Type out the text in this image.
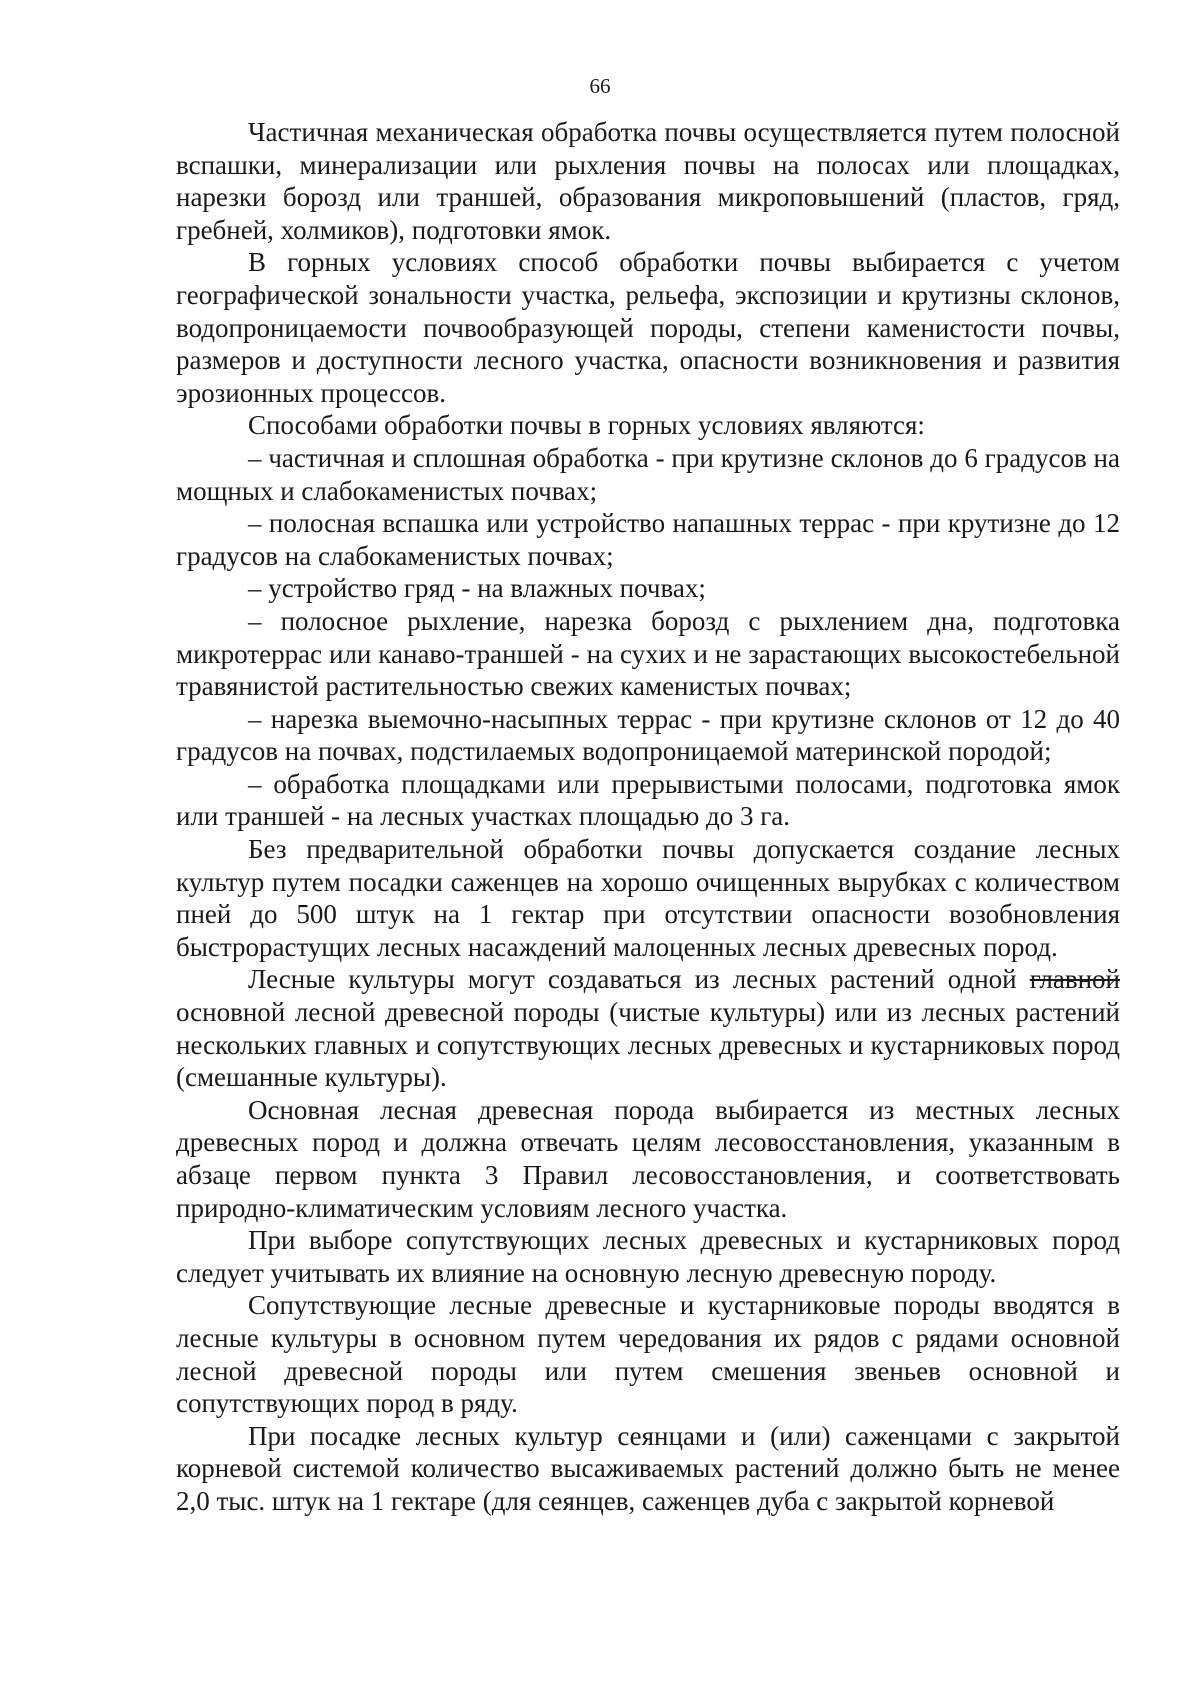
66

Частичная механическая обработка почвы осуществляется путем полосной вспашки, минерализации или рыхления почвы на полосах или площадках, нарезки борозд или траншей, образования микроповышений (пластов, гряд, гребней, холмиков), подготовки ямок.

В горных условиях способ обработки почвы выбирается с учетом географической зональности участка, рельефа, экспозиции и крутизны склонов, водопроницаемости почвообразующей породы, степени каменистости почвы, размеров и доступности лесного участка, опасности возникновения и развития эрозионных процессов.

Способами обработки почвы в горных условиях являются:

– частичная и сплошная обработка - при крутизне склонов до 6 градусов на мощных и слабокаменистых почвах;

– полосная вспашка или устройство напашных террас - при крутизне до 12 градусов на слабокаменистых почвах;

– устройство гряд - на влажных почвах;

– полосное рыхление, нарезка борозд с рыхлением дна, подготовка микротеррас или канаво-траншей - на сухих и не зарастающих высокостебельной травянистой растительностью свежих каменистых почвах;

– нарезка выемочно-насыпных террас - при крутизне склонов от 12 до 40 градусов на почвах, подстилаемых водопроницаемой материнской породой;

– обработка площадками или прерывистыми полосами, подготовка ямок или траншей - на лесных участках площадью до 3 га.

Без предварительной обработки почвы допускается создание лесных культур путем посадки саженцев на хорошо очищенных вырубках с количеством пней до 500 штук на 1 гектар при отсутствии опасности возобновления быстрорастущих лесных насаждений малоценных лесных древесных пород.

Лесные культуры могут создаваться из лесных растений одной главной основной лесной древесной породы (чистые культуры) или из лесных растений нескольких главных и сопутствующих лесных древесных и кустарниковых пород (смешанные культуры).

Основная лесная древесная порода выбирается из местных лесных древесных пород и должна отвечать целям лесовосстановления, указанным в абзаце первом пункта 3 Правил лесовосстановления, и соответствовать природно-климатическим условиям лесного участка.

При выборе сопутствующих лесных древесных и кустарниковых пород следует учитывать их влияние на основную лесную древесную породу.

Сопутствующие лесные древесные и кустарниковые породы вводятся в лесные культуры в основном путем чередования их рядов с рядами основной лесной древесной породы или путем смешения звеньев основной и сопутствующих пород в ряду.

При посадке лесных культур сеянцами и (или) саженцами с закрытой корневой системой количество высаживаемых растений должно быть не менее 2,0 тыс. штук на 1 гектаре (для сеянцев, саженцев дуба с закрытой корневой
